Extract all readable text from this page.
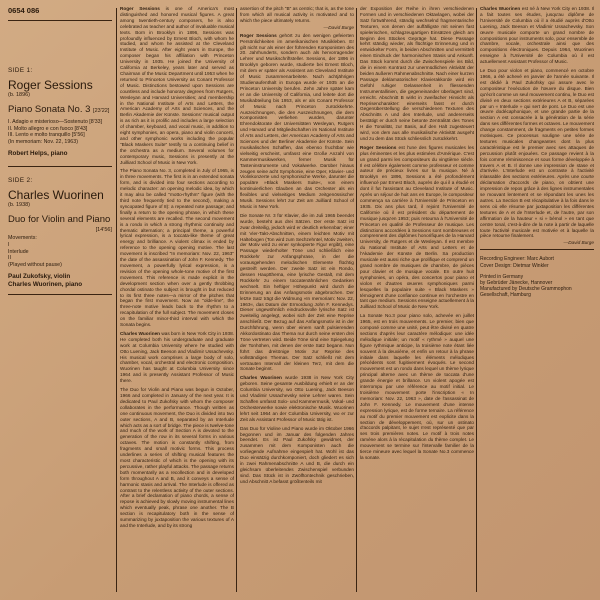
0654 086
SIDE 1:
Roger Sessions
(b. 1896)
Piano Sonata No. 3 [23'22]
I. Adagio e misterioso—Sostenuto [8'33]
II. Molto allegro e con fuoco [8'43]
III. Lento e molto tranquillo [5'56]
(In memoriam: Nov. 22, 1963)
Robert Helps, piano
SIDE 2:
Charles Wuorinen
(b. 1938)
Duo for Violin and Piano
[14'56]

Movements:
I
Interlude
II
(Played without pause)
Paul Zukofsky, violin
Charles Wuorinen, piano

Roger Sessions is one of America's most distinguished and honored musical figures. A great among twentieth-century composers, he is also celebrated as teacher and author of invaluable musical texts. Born in Brooklyn in 1896, Sessions was profoundly influenced by Ernest Bloch, with whom he studied, and whom he assisted at the Cleveland Institute of Music. After eight years in Europe, the composer began his affiliation with Princeton University in 1935. He joined the University of California at Berkeley, years later and served as Chairman of the Music Department until 1953 when he returned to Princeton University as Conant Professor of Music. Distinctions bestowed upon Sessions are countless and include honorary degrees from Rutgers, Wesleyan and Harvard Universities; and membership in the National Institute of Arts and Letters, the American Academy of Arts and Sciences, and the Berlin Akademie der Künste. Sessions' musical output is as rich as it is prolific and includes a large selection of chamber, keyboard, and vocal music, in addition to eight symphonies, an opera, piano and violin concerti, and other symphonic works including the popular "Black Maskers Suite" testify to a continuing belief in the orchestra as a medium. Several volumes for contemporary music, Sessions is presently at the Juilliard School of Music in New York.

The Piano Sonata No. 3, completed in July of 1965, is in three movements. The first is in an extended sonata form, and is divided into four sections according to melodic character: an opening melodic idea, by which it may also be called "motto-rhythm" figure (with the third note frequently tied to the second), making a syncopated figure of 8): a repeated note passage; and finally a return to the opening phrase, in which these several elements are recalled. The second movement is a rondo in which a strong rhythmic continuity and thematic alternation; a principal theme, a powerful lyrical expression, is a toccata-like theme of great energy and brilliance. A violent climax is ended by reference to the opening opening motive. The last movement is inscribed "In memoriam: Nov. 22, 1963" the date of the assassination of John F. Kennedy. The movement, a powerfully lyrical expression, is a revision of the opening whole-tone motive of the first movement. This reference is made explicit in the development section when over a gently throbbing chordal ostinato the subject is brought in but reduced to its first three notes—a mirror of the pitches that began the first movement. Now an "olde-line", the three-note motive leads back to the rhythm to a recapitulation of the full subject. The movement closes on the familiar minor-third interval with which the Sonata begins.

Charles Wuorinen was born in New York City in 1938. He completed both his undergraduate and graduate work at Columbia University where he studied with Otto Luening, Jack Beeson and Vladimir Ussachevsky. His musical work comprises a large body of solo, chamber, vocal, orchestral and electronic composition. Wuorinen has taught at Columbia University since 1964 and is presently Assistant Professor of Music there.

The Duo for Violin and Piano was begun in October, 1966 and completed in January of the next year. It is dedicated to Paul Zukofsky with whom the composer collaborates in the performance. Though written as one continuous movement, the Duo is divided into two outer sections, A and B, separated by an Interlude which acts as a sort of bridge. The piece is twelve-tone and much of the work of Section A is devoted to the generation of the row in its several forms in various octaves. The motion is constantly shifting, from fragments and small motivic forms. This process underlines a series of shifting musical features the most characteristic of which is the opening with its percussive, rather playful attacks. The passage returns both momentarily as a recollection and in developed form throughout A and B, and it conveys a sense of harmonic stasis and arrival. The Interlude is offered as contrast to the relentless activity of the outer sections. After a brief declamation of piano chords, a sense of repose is achieved by slowly moving instrumental lines which eventually peak, phrase one another. The B section is recapitulatory both in the sense of summarizing by juxtaposition the various textures of A and the Interlude, and by its strong

assertion of the pitch "B" as centric; that is, as the tone from which all musical activity is motivated and to which the piece ultimately returns.

—David Burge

Roger Sessions gehört zu den wenigen gefeierten Persönlichkeiten im amerikanischen Musikleben. Er gilt nicht nur als einer der führenden Komponisten des 20. Jahrhunderts, sondern auch als hervorragender Lehrer und Musikschriftsteller. Sessions, der 1896 in Brooklyn geboren wurde, studierte bei Ernest Bloch, mit dem er später als Assistent am Cleveland Institute of Music zusammenarbeitete. Nach achtjährigen Studienaufenthalt in Europa wurde er 1935 an die Princeton University berufen. Zehn Jahre später kam er an die University of California, und leitete dort die Musikabteilung bis 1953, als er als Conant Professor of Music nach Princeton zurückkehrte. Auszeichnungen, die den Auszeichnungen, die dem Komponisten verliehen wurden, darunter Ehrendoktorate der Universitäten Wesleyan, Rutgers und Harvard und Mitgliedschaften im National Institute of Arts and Letters, der American Academy of Arts and Sciences und der Berliner Akademie der Künste. Sein musikalisches Schaffen, das ebenso fruchtbar wie vielseitig erscheint, umfasst eine Große Anzahl von Kammermusikwerken, ferner Musik für Tasteninstrumente und Vokalwerke. Darüber hinaus zeugen seine acht Symphonie, eine Oper, Klavier- und Violinkonzerte und symphonische Werke, darunter die populäre »Black Maskers Suite«, von einem kontinuierlichen Glauben an das Orchester als ein flexibles und vielseitiges Medium zeitgenössischer Musik. Sessions lehrt zur Zeit am Juilliard School of Music in New York.

Die Sonate Nr. 3 für Klavier, die im Juli 1965 beendet wurde, besteht aus drei Sätzen. Der erste Satz ist zwar dreiteilig, jedoch wird er deutlich erkennbar; einer mit Vier-Takt-Abschnitten, einem leichten Motiv mit Haltebogen (Ton wird zum Sechzehntel, Motiv zweiten, der Motiv wird zu einer synkopierte Figur ergibt), eine Passage wiederholter Töne und schließlich eine Rückkehr zur Anfangsphrase, in der die vorausgehenden melodischen Elemente flüchtig gestreift werden. Der zweite Satz ist ein Rondo, dessen Hauptthema, eine lyrische Gestalt, mit dem Rückkehr zu einem toccatenähnlichen Gedanken wechselt. Ein heftiger Höhepunkt wird durch die Erinnerung an das Anfangsmotiv abgebrochen. Der letzte Satz trägt die Widmung »In memoriam: Nov. 22, 1963«, das Datum der Ermordung John F. Kennedys. Dieser ungewöhnlich eindrucksvolle lyrische Satz ist zweiteilig angelegt, wobei sich der Zeit eine Reprise anschließt. Der Bezug auf das Anfangsmotiv ist in der Durchführung, wenn über einem sanft pulsierenden Akkordostinato das Thema nur durch seine ersten drei Töne vertreten wird. Beide Töne sind eine Spiegelung der Tonhöhen, mit denen der erste Satz begann. Nun führt das dreitönige Motiv zur Reprise des vollständigen Themas. Der Satz schließt mit dem vertrauten Intervall der kleinen Terz, mit dem die Sonate beginnt.

Charles Wuorinen wurde 1938 in New York City geboren. Seine gesamte Ausbildung erhielt er an der Columbia University, wo Otto Luening, Jack Beeson und Vladimir Ussachevsky seine Lehrer waren. Sein Schaffen umfasst Solo- und Kammermusik, Vokal- und Orchesterwerke sowie elektronische Musik. Wuorinen lehrt seit 1964 an der Columbia University, wo er zur Zeit als Assistant Professor of Music tätig ist.

Das Duo für Violine und Piano wurde im Oktober 1966 begonnen und im Januar des folgenden Jahres beendet. Es ist Paul Zukofsky gewidmet, der zusammen mit dem Komponisten auch die vorliegende Aufnahme eingespielt hat. Wohl ist das Duo einsätzig durchkomponiert, doch gliedert es sich in zwei Rahmenabschnitte A und B, die durch ein gleichsam überleitendes Zwischenspiel verbunden sind. Das Stück ist in Zwölftontechnik geschrieben, und Abschnitt A befasst größtenteils mit

der Exposition der Reihe in ihren verschiedenen Formen und in verschiedenen Oktavlagen, wobei der Satz fortwährend, ständig wechselnd fragmentarische Texturen, von denen der auffälligste mit seinen fast spielerischen, schlagzeugartigen Einsätzen gleich am Beginn des Stückes Gepräge hat. Diese Passage kehrt ständig wieder, als flüchtige Erinnerung und in entwickelter Form, in beiden Abschnitten und vermittelt einen Eindruck der harmonischen Stasis und Ankunft. Das Stück kommt durch die Zwischenspiele ins Bild, die in einem Kontrast zur unermüdlichen Aktivität der beiden äußeren Rahmenabschnitte. Nach einer kurzen Passage deklamatorischer Klavierakkorde wird ein Gefühl ruhiger Gelassenheit in fliessenden Instrumentallinien, die gegeneinander überlagert sind, erreicht. Abschnitt B wirkt in zweifacher Hinsicht als Reprisencharakter: einerseits fasst er durch Gegenüberstellung die verschiedenen Texturen des Abschnitts A und des Interlude, und andererseits bestätigt er durch seine betonte Zentralität des Tones H die Tonalität, zur Basis, auf den Halt zugesteuert wird, von dem aus alle musikalische Aktivität ausgeht und zu dem das Stück schliesslich zurückkehrt.

Roger Sessions est l'une des figures musicales les plus éminentes et les plus estimées d'Amérique. C'est un grand parmi les compositeurs du vingtième siècle. Il est célèbre également comme professeur et comme auteur de précieux livres sur la musique. Né à Brooklyn en 1896, Sessions a été profondément influencé par Ernest Bloch, auprès de qui il a étudié et dont il fut l'assistant au Cleveland Institute of Music. Après un séjour de huit ans en Europe, le compositeur commença sa carrière à l'Université de Princeton en 1935. Dix ans plus tard, il rejoint l'Université de Californie où il est président du département de musique jusqu'en 1953; puis retourna à l'Université de Princeton en qualité de Professeur de musique. Les distinctions accordées à Sessions sont nombreuses et comprennent des diplômes honorifiques de la Harvard University, de Rutgers et de Wesleyan. Il est membre du National Institute of Arts and Letters et de l'Akademie der Künste de Berlin. Sa production musicale est aussi riche que prolifique et comprend un grand nombre de musiques de chambre, de pièces pour clavier et de musique vocale. En outre huit symphonies, un opéra, des concertos pour piano et violon et d'autres œuvres symphoniques parmi lesquelles la populaire suite « Black Maskers » témoignent d'une confiance continue en l'orchestre en tant que medium. Sessions enseigne actuellement à la Juilliard School of Music de New York.

La Sonate No.3 pour piano solo, achevée en juillet 1965, est en trois mouvements. Le premier, bien que composé comme une unité, peut être divisé en quatre sections d'après leur caractère mélodique: une idée mélodique initiale; un motif « rythmé » auquel une figure rythmique anticipe, la troisième note étant liée souvent à la deuxième, et enfin un retour à la phrase initiale dans laquelle les éléments mélodiques précédents sont fugitivement évoqués. Le second mouvement est un rondo dans lequel un thème lyrique principal alterne avec un thème de toccata d'une grande énergie et brillance. Un violent apogée est interrompu par une référence au motif initial. Le troisième mouvement porte l'inscription « In memoriam: Nov. 22, 1963 », date de l'assassinat de John F. Kennedy. Le mouvement d'une intense expression lyrique, est de forme ternaire. La référence au motif du premier mouvement est explicite dans la section de développement, où, sur un ostinato d'accords palpitant, le sujet n'est représenté que par ses trois premières notes. Le motif à trois notes ramène alors à la récapitulation du thème complet. Le mouvement se termine sur l'intervalle familier de la tierce mineure avec lequel la Sonate No.3 commence la sonate.

Charles Wuorinen est né à New York City en 1938. Il a fait toutes ses études, jusqu'au diplôme de l'Université de Columbia où il a étudié auprès d'Otto Luening, Jack Beeson et Vladimir Ussachevsky. Son œuvre musicale comporte un grand nombre de compositions pour instruments solo, pour ensemble de chambre, vocale, orchestrale ainsi que des compositions électroniques. Depuis 1964, Wuorinen enseigne à l'Université de Columbia où il est actuellement Assistant Professor of Music.

Le Duo pour violon et piano, commencé en octobre 1966, a été achevé en janvier de l'année suivante. Il est dédié à Paul Zukofsky qui assure avec le compositeur l'exécution de l'œuvre du disque. Bien qu'écrit comme un seul mouvement continu, le Duo est divisé en deux sections extérieures A et B, séparées par un « Interlude » qui sert de pont. Le Duo est une œuvre dodécaphonique, et une grande partie de la section A est consacrée à la génération de la série dans ses différentes formes et octaves. Le mouvement change constamment, de fragments en petites formes motiviques. Ce processus souligne une série de textures musicales changeantes dont la plus caractéristique est le premier avec ses attaques de percussion plutôt enjouées. Ce passage revient à la fois comme réminiscence et sous forme développée à travers A et B. Il donne une impression de stase et d'arrivée. L'Interlude est un contraste à l'activité inlassable des sections extérieures. Après une courte déclamation d'accords de piano, on obtient une impression de repos grâce à des lignes instrumentales se mouvant lentement et se répondant les unes les autres. La Section B est récapitulative à la fois dans le sens où elle résume par juxtaposition les différentes textures de A et de l'Interlude et, de l'autre, par son affirmation de la hauteur « si » bémol » en tant que centre tonal, c'est-à-dire de la note à partir de laquelle toute l'activité musicale est motivée et à laquelle la pièce retourne finalement.

—David Burge
Recording Engineer: Marc Aubort
Cover Design: Dietmar Winkler
Printed in Germany
by Gebrüder Jänecke, Hannover
Manufactured by Deutsche Grammophon
Gesellschaft, Hamburg
